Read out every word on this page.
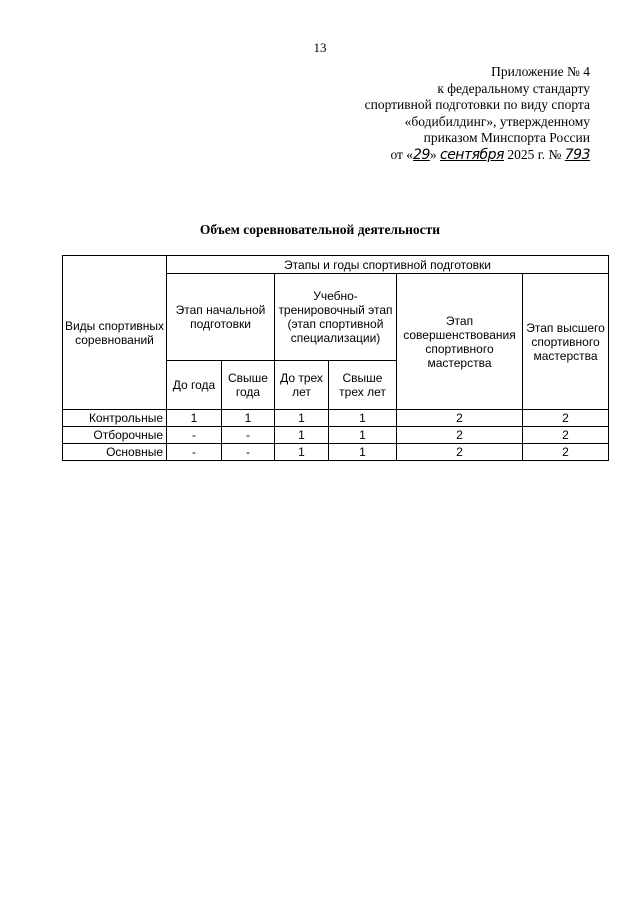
13
Приложение № 4
к федеральному стандарту
спортивной подготовки по виду спорта
«бодибилдинг», утвержденному
приказом Минспорта России
от «29» сентября 2025 г. № 793
Объем соревновательной деятельности
Виды спортивных соревнований	Этапы и годы спортивной подготовки					
	Этап начальной подготовки		Учебно-тренировочный этап (этап спортивной специализации)		Этап совершенствования спортивного мастерства	Этап высшего спортивного мастерства
	До года	Свыше года	До трех лет	Свыше трех лет		
Контрольные	1	1	1	1	2	2
Отборочные	-	-	1	1	2	2
Основные	-	-	1	1	2	2
